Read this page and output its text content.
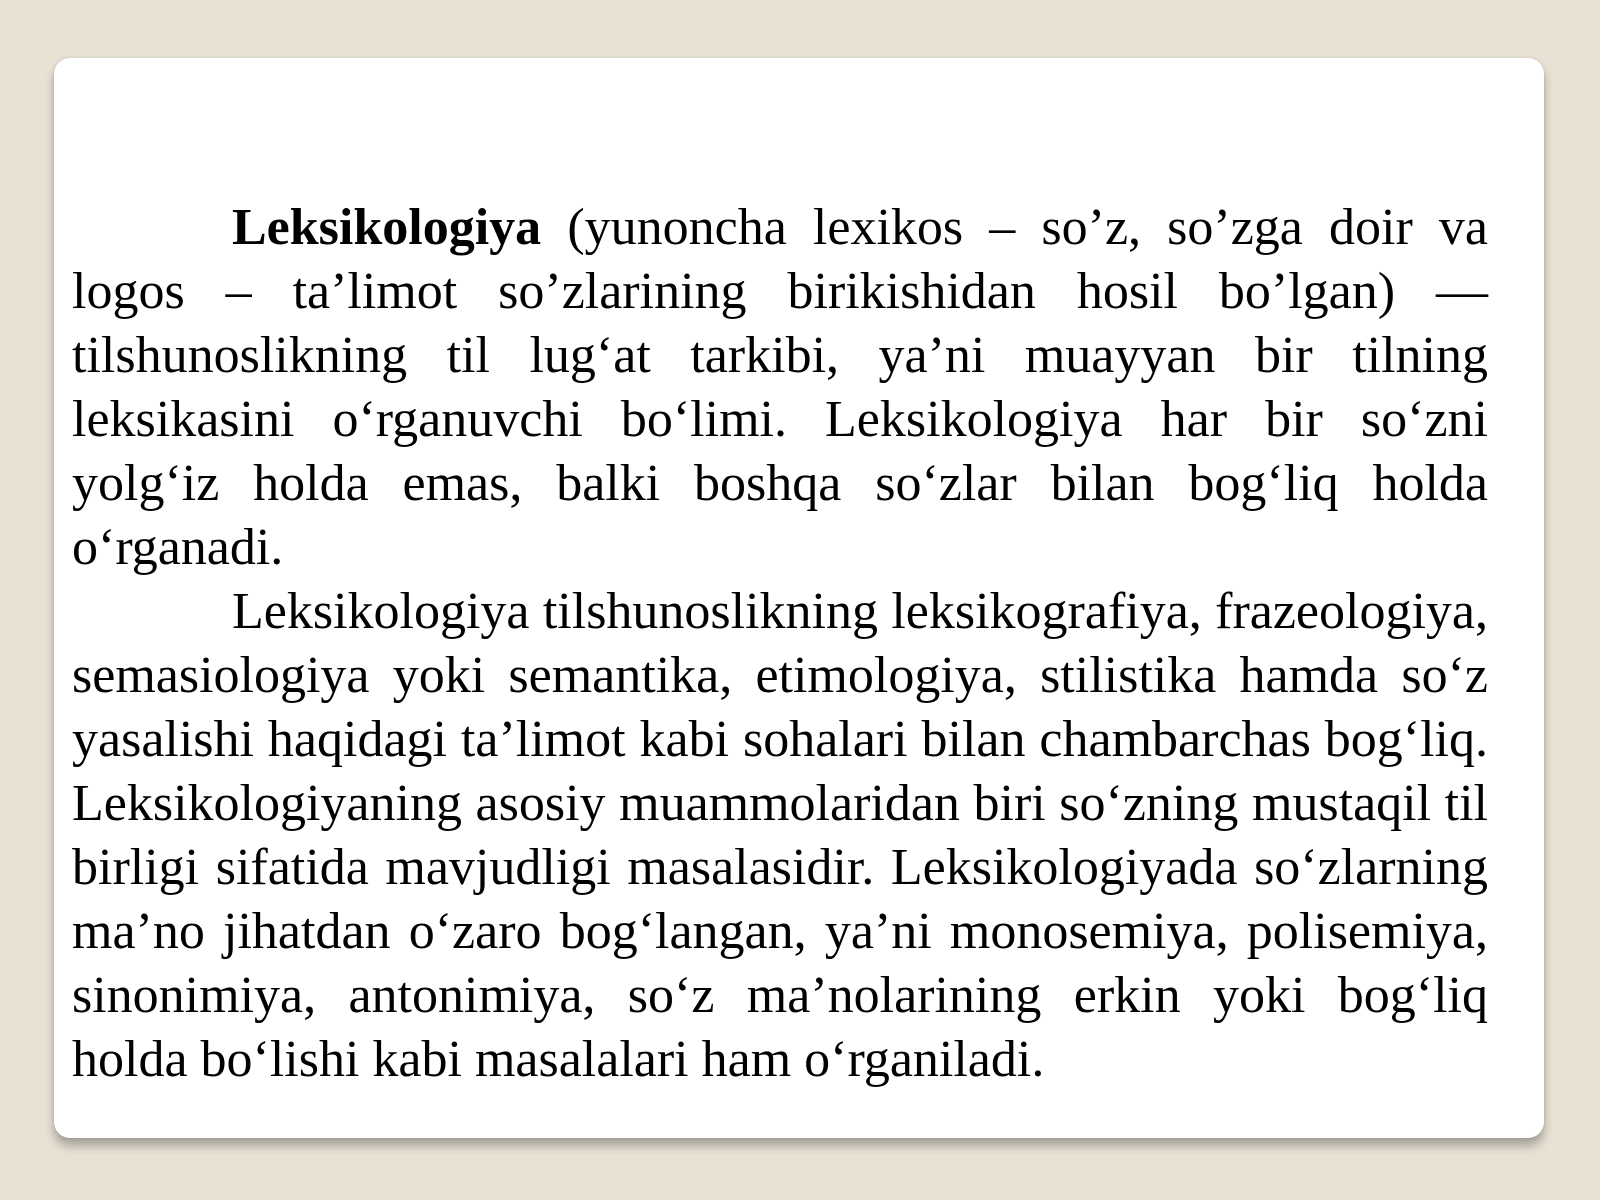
Leksikologiya (yunoncha lexikos – so’z, so’zga doir va logos – ta’limot so’zlarining birikishidan hosil bo’lgan) — tilshunoslikning til lug‘at tarkibi, ya’ni muayyan bir tilning leksikasini o‘rganuvchi bo‘limi. Leksikologiya har bir so‘zni yolg‘iz holda emas, balki boshqa so‘zlar bilan bog‘liq holda o‘rganadi.

Leksikologiya tilshunoslikning leksikografiya, frazeologiya, semasiologiya yoki semantika, etimologiya, stilistika hamda so‘z yasalishi haqidagi ta’limot kabi sohalari bilan chambarchas bog‘liq. Leksikologiyaning asosiy muammolaridan biri so‘zning mustaqil til birligi sifatida mavjudligi masalasidir. Leksikologiyada so‘zlarning ma’no jihatdan o‘zaro bog‘langan, ya’ni monosemiya, polisemiya, sinonimiya, antonimiya, so‘z ma’nolarining erkin yoki bog‘liq holda bo‘lishi kabi masalalari ham o‘rganiladi.
